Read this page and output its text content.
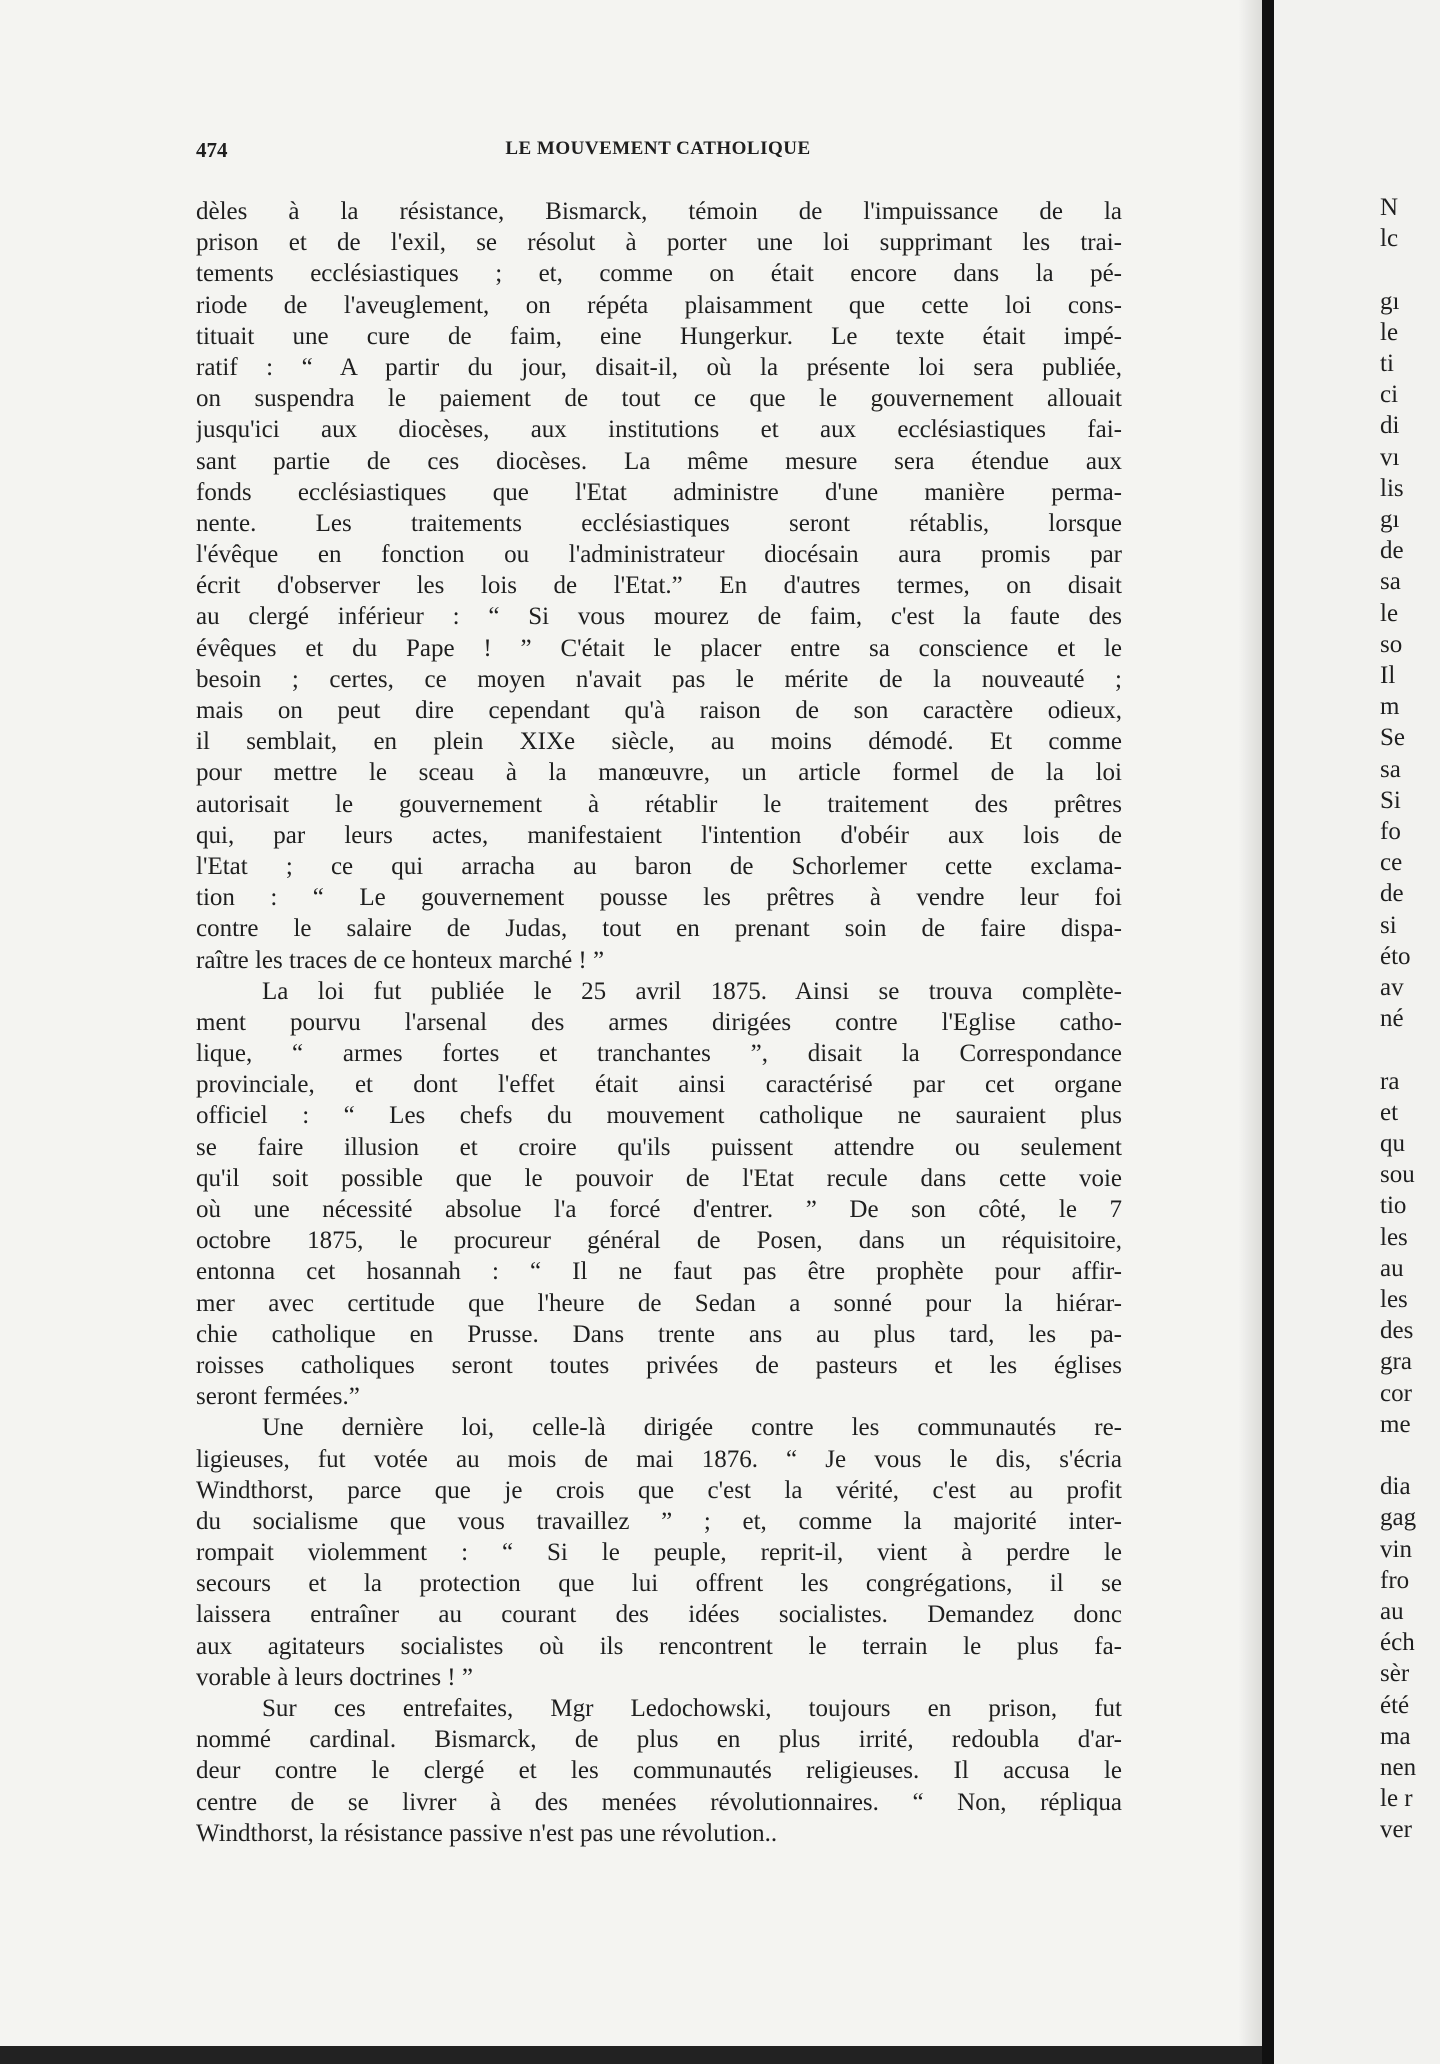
474	LE MOUVEMENT CATHOLIQUE
dèles à la résistance, Bismarck, témoin de l'impuissance de la
prison et de l'exil, se résolut à porter une loi supprimant les trai-
tements ecclésiastiques ; et, comme on était encore dans la pé-
riode de l'aveuglement, on répéta plaisamment que cette loi cons-
tituait une cure de faim, eine Hungerkur. Le texte était impé-
ratif : “ A partir du jour, disait-il, où la présente loi sera publiée,
on suspendra le paiement de tout ce que le gouvernement allouait
jusqu'ici aux diocèses, aux institutions et aux ecclésiastiques fai-
sant partie de ces diocèses. La même mesure sera étendue aux
fonds ecclésiastiques que l'Etat administre d'une manière perma-
nente. Les traitements ecclésiastiques seront rétablis, lorsque
l'évêque en fonction ou l'administrateur diocésain aura promis par
écrit d'observer les lois de l'Etat.” En d'autres termes, on disait
au clergé inférieur : “ Si vous mourez de faim, c'est la faute des
évêques et du Pape ! ” C'était le placer entre sa conscience et le
besoin ; certes, ce moyen n'avait pas le mérite de la nouveauté ;
mais on peut dire cependant qu'à raison de son caractère odieux,
il semblait, en plein XIXe siècle, au moins démodé. Et comme
pour mettre le sceau à la manœuvre, un article formel de la loi
autorisait le gouvernement à rétablir le traitement des prêtres
qui, par leurs actes, manifestaient l'intention d'obéir aux lois de
l'Etat ; ce qui arracha au baron de Schorlemer cette exclama-
tion : “ Le gouvernement pousse les prêtres à vendre leur foi
contre le salaire de Judas, tout en prenant soin de faire dispa-
raître les traces de ce honteux marché ! ”
La loi fut publiée le 25 avril 1875. Ainsi se trouva complète-
ment pourvu l'arsenal des armes dirigées contre l'Eglise catho-
lique, “ armes fortes et tranchantes ”, disait la Correspondance
provinciale, et dont l'effet était ainsi caractérisé par cet organe
officiel : “ Les chefs du mouvement catholique ne sauraient plus
se faire illusion et croire qu'ils puissent attendre ou seulement
qu'il soit possible que le pouvoir de l'Etat recule dans cette voie
où une nécessité absolue l'a forcé d'entrer. ” De son côté, le 7
octobre 1875, le procureur général de Posen, dans un réquisitoire,
entonna cet hosannah : “ Il ne faut pas être prophète pour affir-
mer avec certitude que l'heure de Sedan a sonné pour la hiérar-
chie catholique en Prusse. Dans trente ans au plus tard, les pa-
roisses catholiques seront toutes privées de pasteurs et les églises
seront fermées.”
Une dernière loi, celle-là dirigée contre les communautés re-
ligieuses, fut votée au mois de mai 1876. “ Je vous le dis, s'écria
Windthorst, parce que je crois que c'est la vérité, c'est au profit
du socialisme que vous travaillez ” ; et, comme la majorité inter-
rompait violemment : “ Si le peuple, reprit-il, vient à perdre le
secours et la protection que lui offrent les congrégations, il se
laissera entraîner au courant des idées socialistes. Demandez donc
aux agitateurs socialistes où ils rencontrent le terrain le plus fa-
vorable à leurs doctrines ! ”
Sur ces entrefaites, Mgr Ledochowski, toujours en prison, fut
nommé cardinal. Bismarck, de plus en plus irrité, redoubla d'ar-
deur contre le clergé et les communautés religieuses. Il accusa le
centre de se livrer à des menées révolutionnaires. “ Non, répliqua
Windthorst, la résistance passive n'est pas une révolution..
N
lc
gı
le
ti
ci
di
vı
lis
gı
de
sa
le
so
Il
m
Se
sa
Si
fo
ce
de
si
éto
av
né
ra
et
qu
sou
tio
les
au
les
des
gra
cor
me
dia
gag
vin
fro
au
éch
sèr
été
ma
nen
le r
ver
